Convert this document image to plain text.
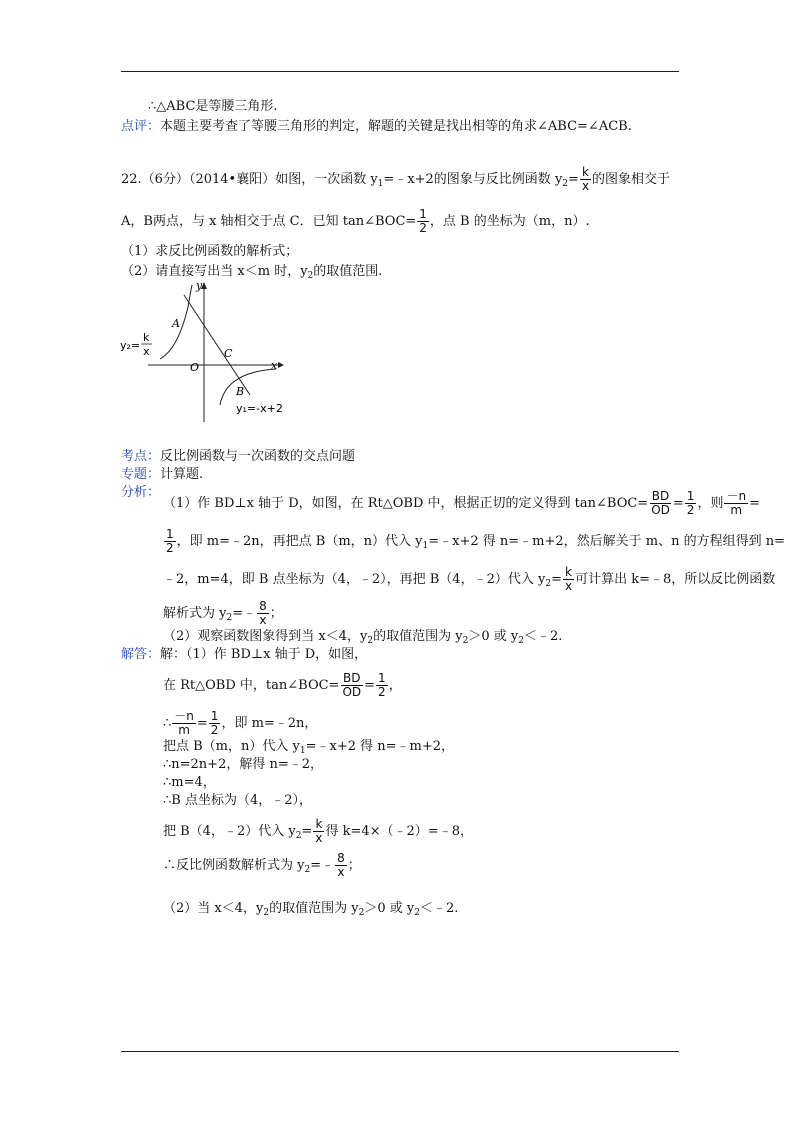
∴△ABC是等腰三角形.
点评：本题主要考查了等腰三角形的判定，解题的关键是找出相等的角求∠ABC=∠ACB.
22.（6分）（2014•襄阳）如图，一次函数 $y_1=﹣x+2$的图象与反比例函数 $y_2= \frac{k}{x}$ 的图象相交于
A，B两点，与 x 轴相交于点 C．已知 tan∠BOC= $\frac{1}{2}$ ，点 B 的坐标为（m，n）.
（1）求反比例函数的解析式；
（2）请直接写出当 x＜m 时，$y_2$的取值范围.
y
x
A
C
O
B
y₂=
k
x
y₁=-x+2
考点：反比例函数与一次函数的交点问题
专题：计算题.
分析：
（1）作 BD⊥x 轴于 D，如图，在 Rt△OBD 中，根据正切的定义得到 tan∠BOC= $\frac{BD}{OD} = \frac{1}{2}$ ，则 $\frac{-n}{m}$ =
$\frac{1}{2}$ ，即 m=﹣2n，再把点 B（m，n）代入 $y_1=﹣x+2$ 得 n=﹣m+2，然后解关于 m、n 的方程组得到 n=
﹣2，m=4，即 B 点坐标为（4，﹣2），再把 B（4，﹣2）代入 $y_2= \frac{k}{x}$ 可计算出 k=﹣8，所以反比例函数
解析式为 $y_2=﹣ \frac{8}{x}$ ；
（2）观察函数图象得到当 x＜4，$y_2$的取值范围为 $y_2>0$ 或 $y_2<﹣2$.
解答：解：（1）作 BD⊥x 轴于 D，如图，
在 Rt△OBD 中，tan∠BOC= $\frac{BD}{OD} = \frac{1}{2}$ ，
∴ $\frac{-n}{m} = \frac{1}{2}$ ，即 m=﹣2n，
把点 B（m，n）代入 $y_1=﹣x+2$ 得 n=﹣m+2，
∴n=2n+2，解得 n=﹣2，
∴m=4，
∴B 点坐标为（4，﹣2），
把 B（4，﹣2）代入 $y_2= \frac{k}{x}$ 得 k=4×（﹣2）=﹣8，
∴反比例函数解析式为 $y_2=﹣ \frac{8}{x}$ ；
（2）当 x＜4，$y_2$的取值范围为 $y_2>0$ 或 $y_2<﹣2$.
